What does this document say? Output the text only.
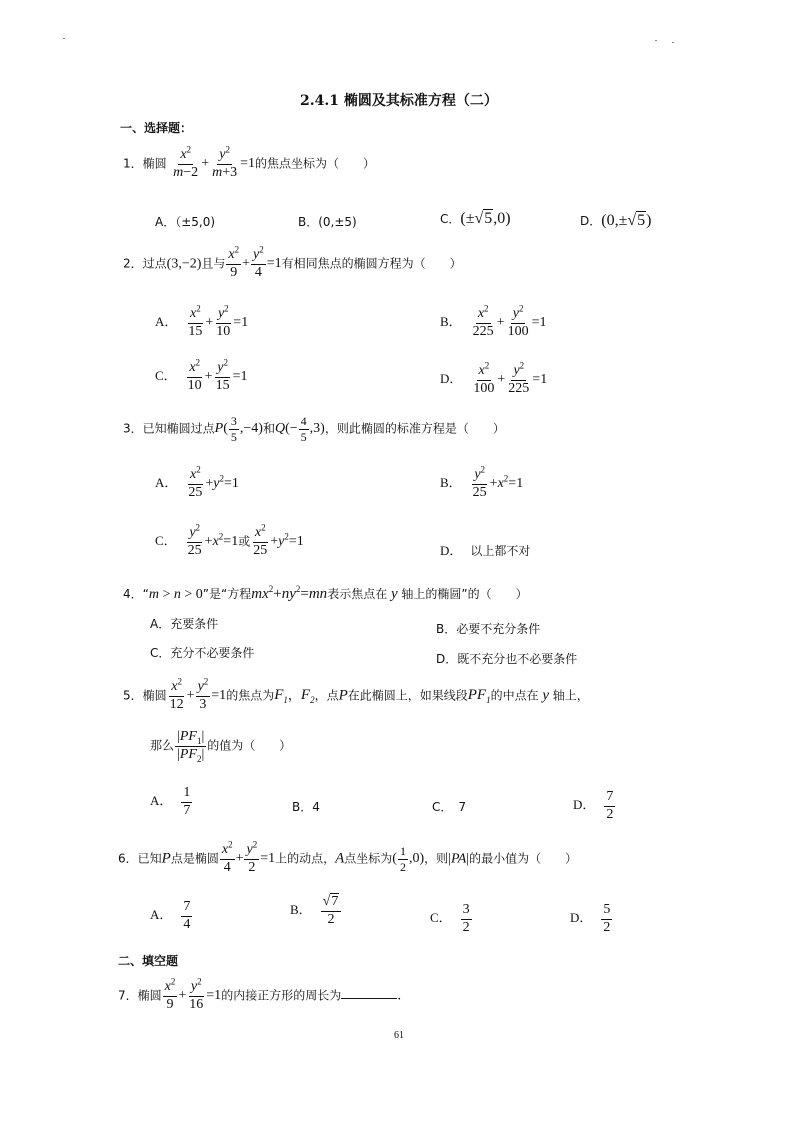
2.4.1 椭圆及其标准方程（二）
一、选择题：
1．椭圆 $\frac{x^2}{m-2} + \frac{y^2}{m+3} =1$的焦点坐标为（　　）
A．（±5,0)	B．(0,±5)	C．(±√5,0)	D．(0,±√5)
2．过点(3,−2)且与 $\frac{x^2}{9} + \frac{y^2}{4} =1$有相同焦点的椭圆方程为（　　）
A． $\frac{x^2}{15} + \frac{y^2}{10} =1$	B． $\frac{x^2}{225} + \frac{y^2}{100} =1$
C． $\frac{x^2}{10} + \frac{y^2}{15} =1$	D． $\frac{x^2}{100} + \frac{y^2}{225} =1$
3．已知椭圆过点$P( \frac{3}{5} ,-4)$和$Q(- \frac{4}{5} ,3)$，则此椭圆的标准方程是（　　）
A． $\frac{x^2}{25} +y^2=1$	B． $\frac{y^2}{25} +x^2=1$
C． $\frac{y^2}{25} +x^2=1$或 $\frac{x^2}{25} +y^2=1$
D． 以上都不对
4．“m > n > 0”是“方程$mx^2+ny^2=mn$表示焦点在 y 轴上的椭圆”的（　　）
A．充要条件	B．必要不充分条件
C．充分不必要条件	D．既不充分也不必要条件
5．椭圆 $\frac{x^2}{12} + \frac{y^2}{3} =1$的焦点为$F_1$，$F_2$，点P在此椭圆上，如果线段$PF_1$的中点在 y 轴上，
那么 $\frac{|PF_1|}{|PF_2|}$ 的值为（　　）
A． $\frac{1}{7}$	B．4	C．　7	D． $\frac{7}{2}$
6．已知P点是椭圆 $\frac{x^2}{4} + \frac{y^2}{2} =1$上的动点，A点坐标为( $\frac{1}{2} ,0$)，则|PA|的最小值为（　　）
A． $\frac{7}{4}$	B． $\frac{√7}{2}$	C． $\frac{3}{2}$	D． $\frac{5}{2}$
二、填空题
7．椭圆 $\frac{x^2}{9} + \frac{y^2}{16} =1$的内接正方形的周长为	.
61
